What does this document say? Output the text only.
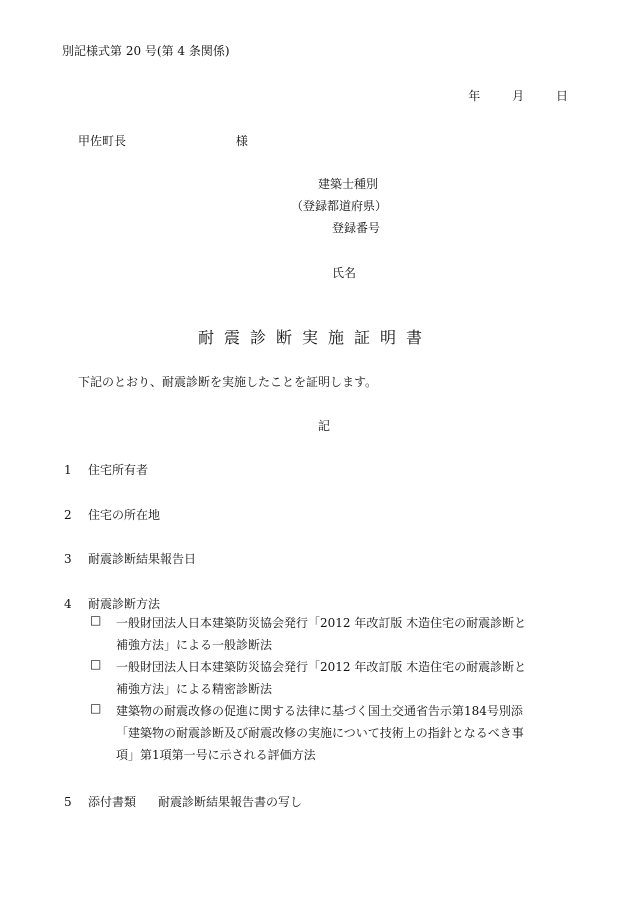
別記様式第 20 号(第 4 条関係)
年	月	日
甲佐町長	様
建築士種別
（登録都道府県）
登録番号
氏名
耐震診断実施証明書
下記のとおり、耐震診断を実施したことを証明します。
記
1 住宅所有者
2 住宅の所在地
3 耐震診断結果報告日
4 耐震診断方法
□	一般財団法人日本建築防災協会発行「2012 年改訂版 木造住宅の耐震診断と
補強方法」による一般診断法
□	一般財団法人日本建築防災協会発行「2012 年改訂版 木造住宅の耐震診断と
補強方法」による精密診断法
□	建築物の耐震改修の促進に関する法律に基づく国土交通省告示第184号別添
「建築物の耐震診断及び耐震改修の実施について技術上の指針となるべき事
項」第1項第一号に示される評価方法
5 添付書類 耐震診断結果報告書の写し
